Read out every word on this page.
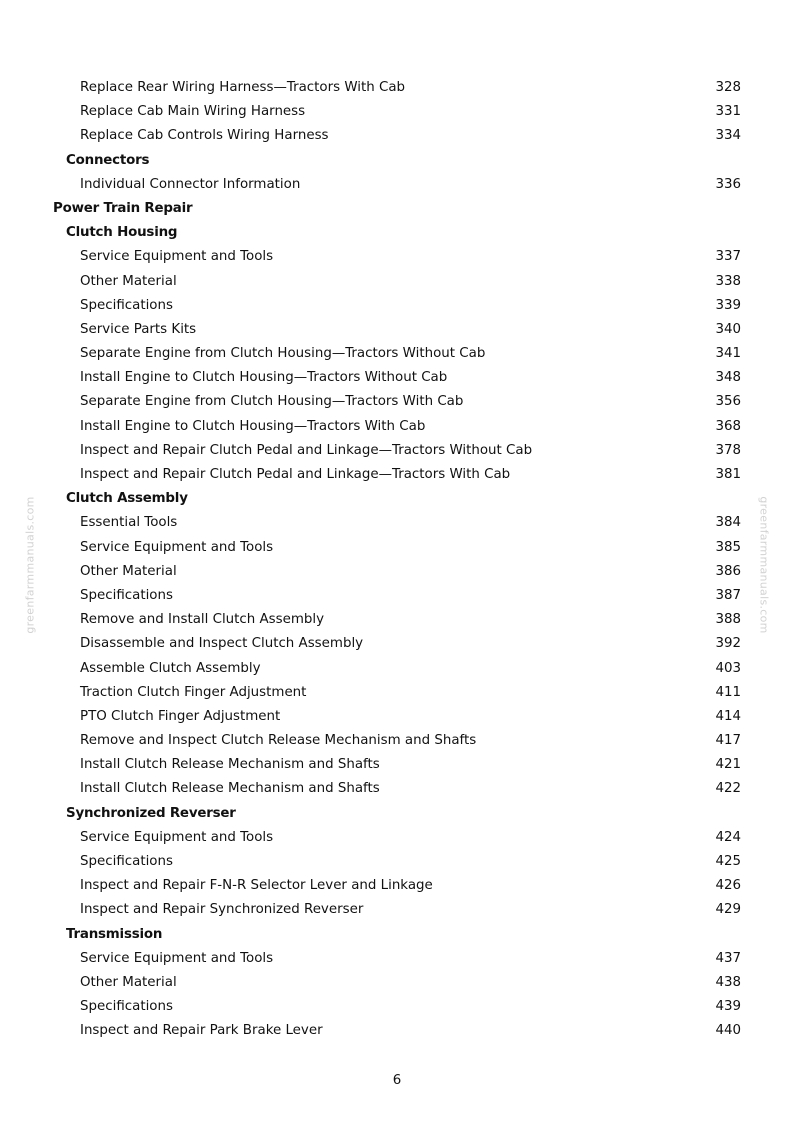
greenfarmmanuals.com	greenfarmmanuals.com
Replace Rear Wiring Harness—Tractors With Cab	328
Replace Cab Main Wiring Harness	331
Replace Cab Controls Wiring Harness	334
Connectors
Individual Connector Information	336
Power Train Repair
Clutch Housing
Service Equipment and Tools	337
Other Material	338
Specifications	339
Service Parts Kits	340
Separate Engine from Clutch Housing—Tractors Without Cab	341
Install Engine to Clutch Housing—Tractors Without Cab	348
Separate Engine from Clutch Housing—Tractors With Cab	356
Install Engine to Clutch Housing—Tractors With Cab	368
Inspect and Repair Clutch Pedal and Linkage—Tractors Without Cab	378
Inspect and Repair Clutch Pedal and Linkage—Tractors With Cab	381
Clutch Assembly
Essential Tools	384
Service Equipment and Tools	385
Other Material	386
Specifications	387
Remove and Install Clutch Assembly	388
Disassemble and Inspect Clutch Assembly	392
Assemble Clutch Assembly	403
Traction Clutch Finger Adjustment	411
PTO Clutch Finger Adjustment	414
Remove and Inspect Clutch Release Mechanism and Shafts	417
Install Clutch Release Mechanism and Shafts	421
Install Clutch Release Mechanism and Shafts	422
Synchronized Reverser
Service Equipment and Tools	424
Specifications	425
Inspect and Repair F-N-R Selector Lever and Linkage	426
Inspect and Repair Synchronized Reverser	429
Transmission
Service Equipment and Tools	437
Other Material	438
Specifications	439
Inspect and Repair Park Brake Lever	440
6
